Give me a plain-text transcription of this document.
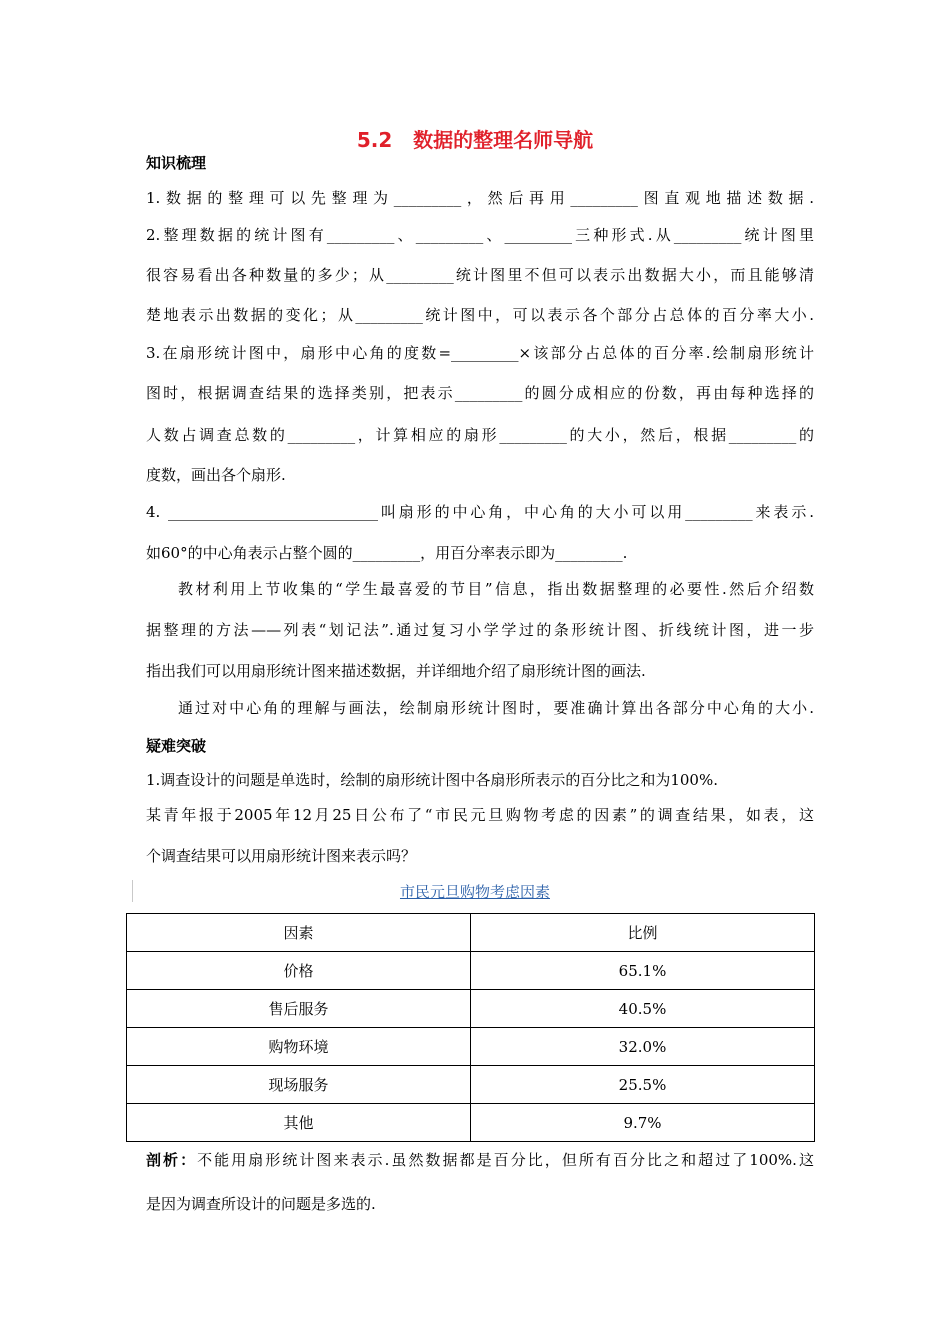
5.2   数据的整理名师导航
知识梳理
1.数据的整理可以先整理为_________，然后再用_________图直观地描述数据.
2.整理数据的统计图有_________、_________、_________三种形式.从_________统计图里
很容易看出各种数量的多少；从_________统计图里不但可以表示出数据大小，而且能够清
楚地表示出数据的变化；从_________统计图中，可以表示各个部分占总体的百分率大小.
3.在扇形统计图中，扇形中心角的度数=_________×该部分占总体的百分率.绘制扇形统计
图时，根据调查结果的选择类别，把表示_________的圆分成相应的份数，再由每种选择的
人数占调查总数的_________，计算相应的扇形_________的大小，然后，根据_________的
度数，画出各个扇形.
4. ____________________________叫扇形的中心角，中心角的大小可以用_________来表示.
如60°的中心角表示占整个圆的_________，用百分率表示即为_________.
教材利用上节收集的“学生最喜爱的节目”信息，指出数据整理的必要性.然后介绍数
据整理的方法——列表“划记法”.通过复习小学学过的条形统计图、折线统计图，进一步
指出我们可以用扇形统计图来描述数据，并详细地介绍了扇形统计图的画法.
通过对中心角的理解与画法，绘制扇形统计图时，要准确计算出各部分中心角的大小.
疑难突破
1.调查设计的问题是单选时，绘制的扇形统计图中各扇形所表示的百分比之和为100%.
某青年报于2005年12月25日公布了“市民元旦购物考虑的因素”的调查结果，如表，这
个调查结果可以用扇形统计图来表示吗？
市民元旦购物考虑因素
因素	比例
价格	65.1%
售后服务	40.5%
购物环境	32.0%
现场服务	25.5%
其他	9.7%
剖析：不能用扇形统计图来表示.虽然数据都是百分比，但所有百分比之和超过了100%.这
是因为调查所设计的问题是多选的.
